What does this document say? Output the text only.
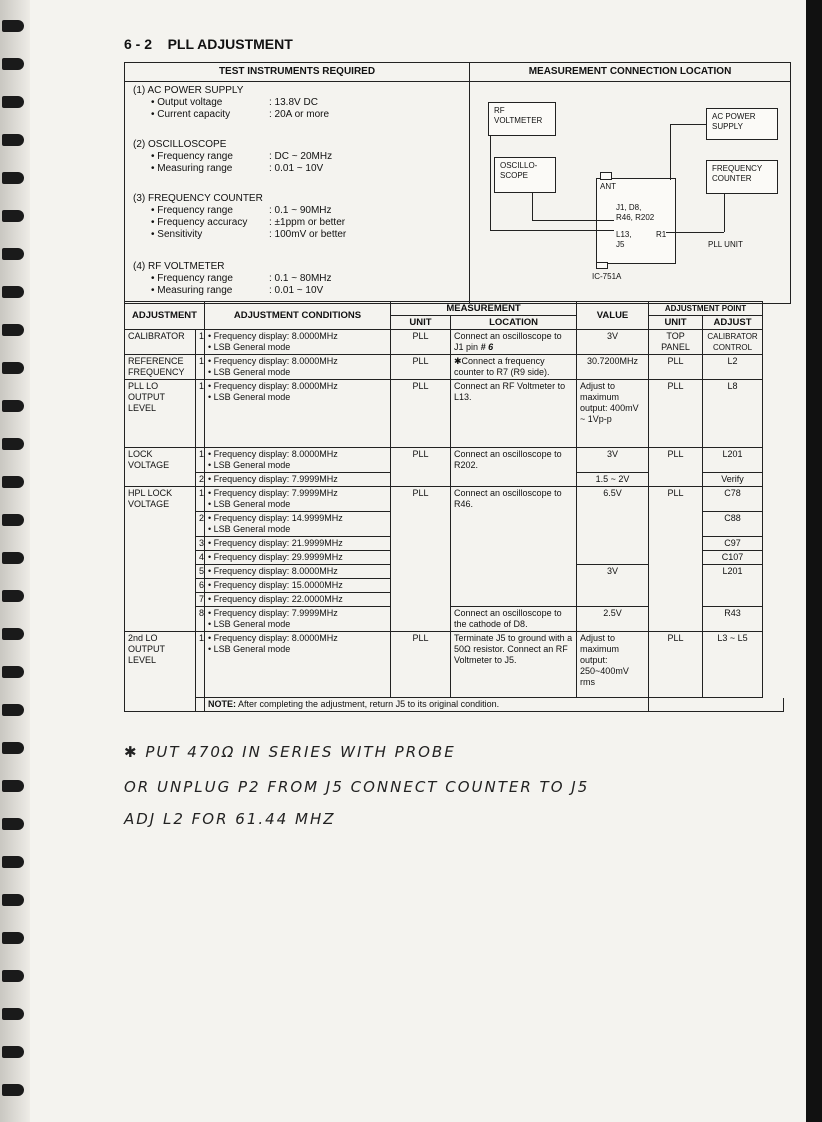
6 - 2 PLL ADJUSTMENT
TEST INSTRUMENTS REQUIRED	MEASUREMENT CONNECTION LOCATION
(1) AC POWER SUPPLY
• Output voltage	: 13.8V DC
• Current capacity	: 20A or more
(2) OSCILLOSCOPE
• Frequency range	: DC ~ 20MHz
• Measuring range	: 0.01 ~ 10V
(3) FREQUENCY COUNTER
• Frequency range	: 0.1 ~ 90MHz
• Frequency accuracy : ±1ppm or better
• Sensitivity	: 100mV or better
(4) RF VOLTMETER
• Frequency range	: 0.1 ~ 80MHz
• Measuring range	: 0.01 ~ 10V
RF
VOLTMETER	AC POWER
SUPPLY
OSCILLO-
SCOPE
FREQUENCY
COUNTER
ANT
J1, D8,
R46, R202
L13,	R1
J5	PLL UNIT
IC-751A
ADJUSTMENT		ADJUSTMENT CONDITIONS	MEASUREMENT		VALUE	ADJUSTMENT POINT	
			UNIT	LOCATION		UNIT	ADJUST
CALIBRATOR	1	• Frequency display: 8.0000MHz
• LSB General mode	PLL	Connect an oscilloscope to J1 pin # 6	3V	TOP PANEL	CALIBRATOR CONTROL
REFERENCE FREQUENCY	1	• Frequency display: 8.0000MHz
• LSB General mode	PLL	✱Connect a frequency counter to R7 (R9 side).	30.7200MHz	PLL	L2
PLL LO OUTPUT LEVEL	1	• Frequency display: 8.0000MHz
• LSB General mode	PLL	Connect an RF Voltmeter to L13.	Adjust to maximum output: 400mV ~ 1Vp-p	PLL	L8
LOCK VOLTAGE	1	• Frequency display: 8.0000MHz
• LSB General mode	PLL	Connect an oscilloscope to R202.	3V	PLL	L201
	2	• Frequency display: 7.9999MHz			1.5 ~ 2V		Verify
HPL LOCK VOLTAGE	1	• Frequency display: 7.9999MHz
• LSB General mode	PLL	Connect an oscilloscope to R46.	6.5V	PLL	C78
	2	• Frequency display: 14.9999MHz
• LSB General mode					C88
	3	• Frequency display: 21.9999MHz					C97
	4	• Frequency display: 29.9999MHz					C107
	5	• Frequency display: 8.0000MHz			3V		L201
	6	• Frequency display: 15.0000MHz					
	7	• Frequency display: 22.0000MHz					
	8	• Frequency display: 7.9999MHz
• LSB General mode		Connect an oscilloscope to the cathode of D8.	2.5V		R43
2nd LO OUTPUT LEVEL	1	• Frequency display: 8.0000MHz
• LSB General mode	PLL	Terminate J5 to ground with a 50Ω resistor. Connect an RF Voltmeter to J5.	Adjust to maximum output: 250~400mV rms	PLL	L3 ~ L5
		NOTE: After completing the adjustment, return J5 to its original condition.					
✱ PUT 470Ω IN SERIES WITH PROBE
OR UNPLUG P2 FROM J5 CONNECT COUNTER TO J5
ADJ L2 FOR 61.44 MHZ
